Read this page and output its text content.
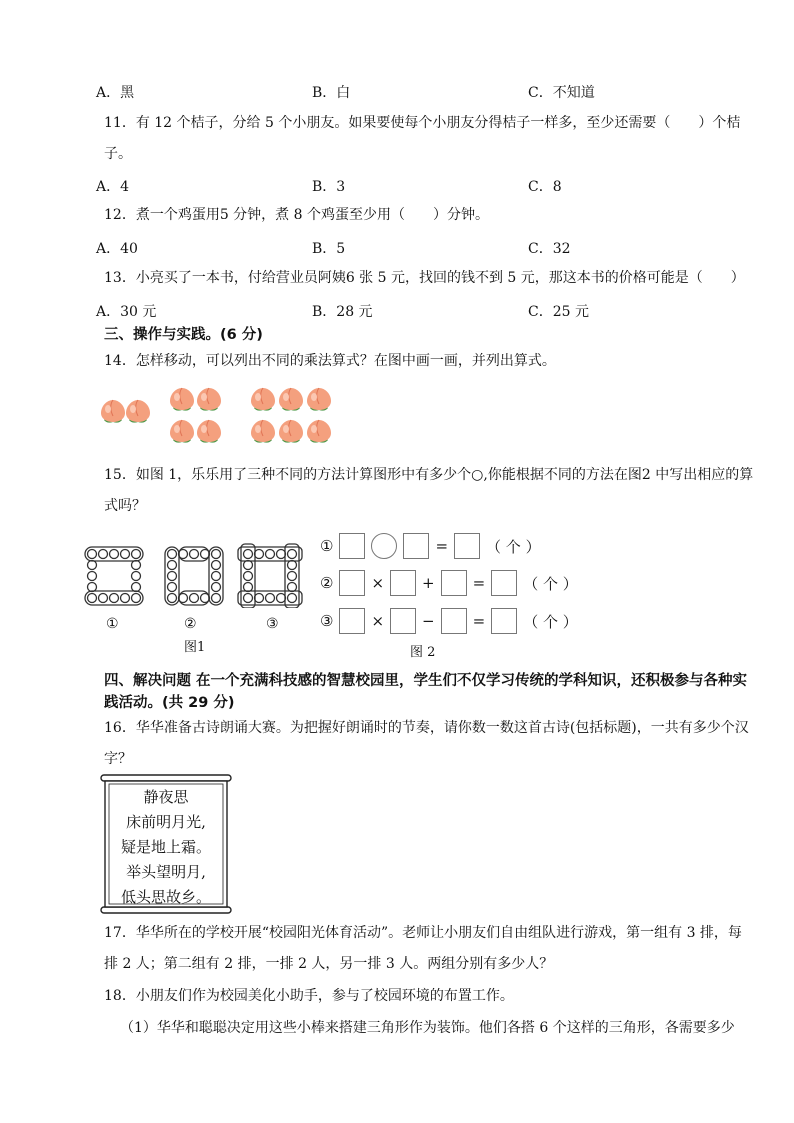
A．黑	B．白	C．不知道
11．有 12 个桔子，分给 5 个小朋友。如果要使每个小朋友分得桔子一样多，至少还需要（　　）个桔子。
A．4	B．3	C．8
12．煮一个鸡蛋用5 分钟，煮 8 个鸡蛋至少用（　　）分钟。
A．40	B．5	C．32
13．小亮买了一本书，付给营业员阿姨6 张 5 元，找回的钱不到 5 元，那这本书的价格可能是（　　）
A．30 元	B．28 元	C．25 元
三、操作与实践。(6 分)
14．怎样移动，可以列出不同的乘法算式？在图中画一画，并列出算式。
15．如图 1，乐乐用了三种不同的方法计算图形中有多少个○,你能根据不同的方法在图2 中写出相应的算式吗？
①	②	③
图1
①	=	（ 个 ）
②	×	+	=	（ 个 ）
③	×	−	=	（ 个 ）
图 2
四、解决问题 在一个充满科技感的智慧校园里，学生们不仅学习传统的学科知识，还积极参与各种实践活动。(共 29 分)
16．华华准备古诗朗诵大赛。为把握好朗诵时的节奏，请你数一数这首古诗(包括标题)，一共有多少个汉字？
静夜思
床前明月光,
疑是地上霜。
举头望明月,
低头思故乡。
17．华华所在的学校开展“校园阳光体育活动”。老师让小朋友们自由组队进行游戏，第一组有 3 排，每排 2 人；第二组有 2 排，一排 2 人，另一排 3 人。两组分别有多少人？
18．小朋友们作为校园美化小助手，参与了校园环境的布置工作。
（1）华华和聪聪决定用这些小棒来搭建三角形作为装饰。他们各搭 6 个这样的三角形，各需要多少
